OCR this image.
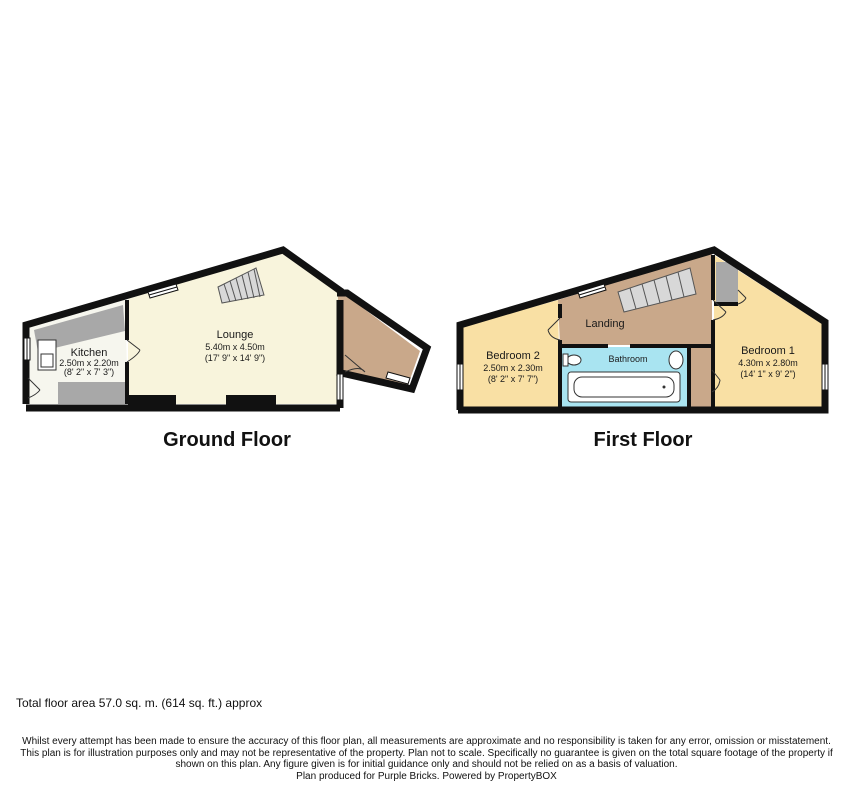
Kitchen
2.50m x 2.20m
(8' 2" x 7' 3")
Lounge
5.40m x 4.50m
(17' 9" x 14' 9")
Ground Floor
Bedroom 2
2.50m x 2.30m
(8' 2" x 7' 7")
Landing
Bathroom
Bedroom 1
4.30m x 2.80m
(14' 1" x 9' 2")
First Floor
Total floor area 57.0 sq. m. (614 sq. ft.) approx
Whilst every attempt has been made to ensure the accuracy of this floor plan, all measurements are approximate and no responsibility is taken for any error, omission or misstatement. This plan is for illustration purposes only and may not be representative of the property. Plan not to scale. Specifically no guarantee is given on the total square footage of the property if shown on this plan. Any figure given is for initial guidance only and should not be relied on as a basis of valuation.
Plan produced for Purple Bricks. Powered by PropertyBOX
